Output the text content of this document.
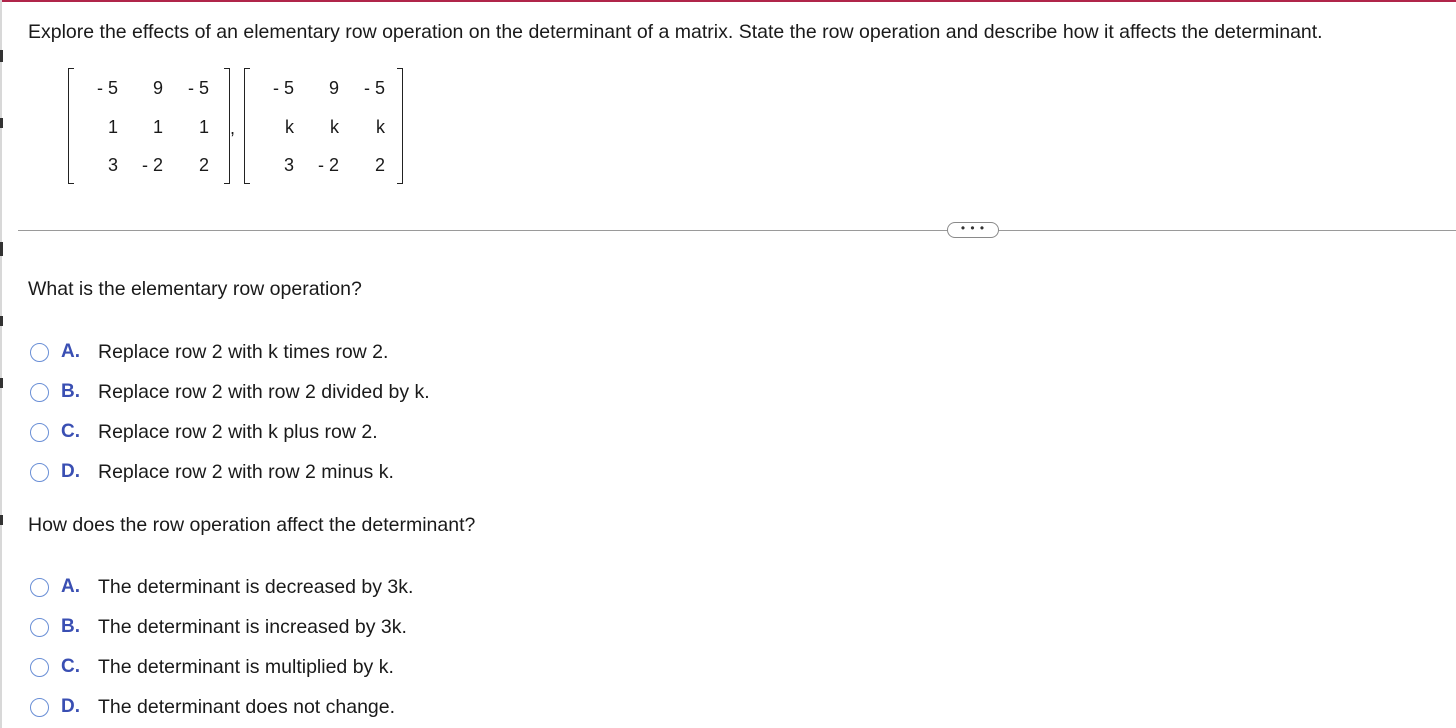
Explore the effects of an elementary row operation on the determinant of a matrix. State the row operation and describe how it affects the determinant.
- 5	9	- 5
1	1	1
3	- 2	2
,
- 5	9	- 5
k	k	k
3	- 2	2
• • •
What is the elementary row operation?
A. Replace row 2 with k times row 2.
B. Replace row 2 with row 2 divided by k.
C. Replace row 2 with k plus row 2.
D. Replace row 2 with row 2 minus k.
How does the row operation affect the determinant?
A. The determinant is decreased by 3k.
B. The determinant is increased by 3k.
C. The determinant is multiplied by k.
D. The determinant does not change.
